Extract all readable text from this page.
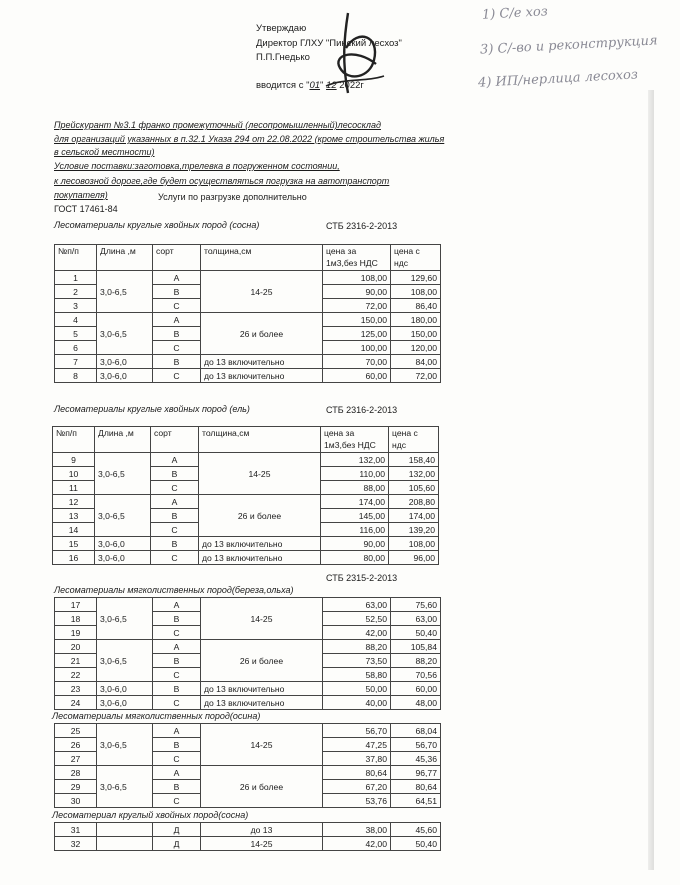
Утверждаю
Директор ГЛХУ "Пинский лесхоз"
П.П.Гнедько
вводится с "01" 12 2022г
1) С/е хоз
3) С/-во и реконструкция
4) ИП/нерлица лесохоз
Прейскурант №3.1 франко промежуточный (лесопромышленный)лесосклад
для организаций указанных в п.32.1 Указа 294 от 22.08.2022 (кроме строительства жилья
в сельской местности)
Условие поставки:заготовка,трелевка в погруженном состоянии,
к лесовозной дороге,где будет осуществляться погрузка на автотранспорт
покупателя)	Услуги по разгрузке дополнительно
ГОСТ 17461-84
Лесоматериалы круглые хвойных пород (сосна)	СТБ 2316-2-2013
№п/п	Длина ,м	сорт	толщина,см	цена за
1м3,без НДС	цена с
ндс
1	3,0-6,5	А	14-25	108,00	129,60
2		В		90,00	108,00
3		С		72,00	86,40
4	3,0-6,5	А	26 и более	150,00	180,00
5		В		125,00	150,00
6		С		100,00	120,00
7	3,0-6,0	В	до 13 включительно	70,00	84,00
8	3,0-6,0	С	до 13 включительно	60,00	72,00
Лесоматериалы круглые хвойных пород (ель)	СТБ 2316-2-2013
№п/п	Длина ,м	сорт	толщина,см	цена за
1м3,без НДС	цена с
ндс
9	3,0-6,5	А	14-25	132,00	158,40
10		В		110,00	132,00
11		С		88,00	105,60
12	3,0-6,5	А	26 и более	174,00	208,80
13		В		145,00	174,00
14		С		116,00	139,20
15	3,0-6,0	В	до 13 включительно	90,00	108,00
16	3,0-6,0	С	до 13 включительно	80,00	96,00
СТБ 2315-2-2013
Лесоматериалы мягколиственных пород(береза,ольха)
17	3,0-6,5	А	14-25	63,00	75,60
18		В		52,50	63,00
19		С		42,00	50,40
20	3,0-6,5	А	26 и более	88,20	105,84
21		В		73,50	88,20
22		С		58,80	70,56
23	3,0-6,0	В	до 13 включительно	50,00	60,00
24	3,0-6,0	С	до 13 включительно	40,00	48,00
Лесоматериалы мягколиственных пород(осина)
25	3,0-6,5	А	14-25	56,70	68,04
26		В		47,25	56,70
27		С		37,80	45,36
28	3,0-6,5	А	26 и более	80,64	96,77
29		В		67,20	80,64
30		С		53,76	64,51
Лесоматериал круглый хвойных пород(сосна)
31		Д	до 13	38,00	45,60
32		Д	14-25	42,00	50,40
